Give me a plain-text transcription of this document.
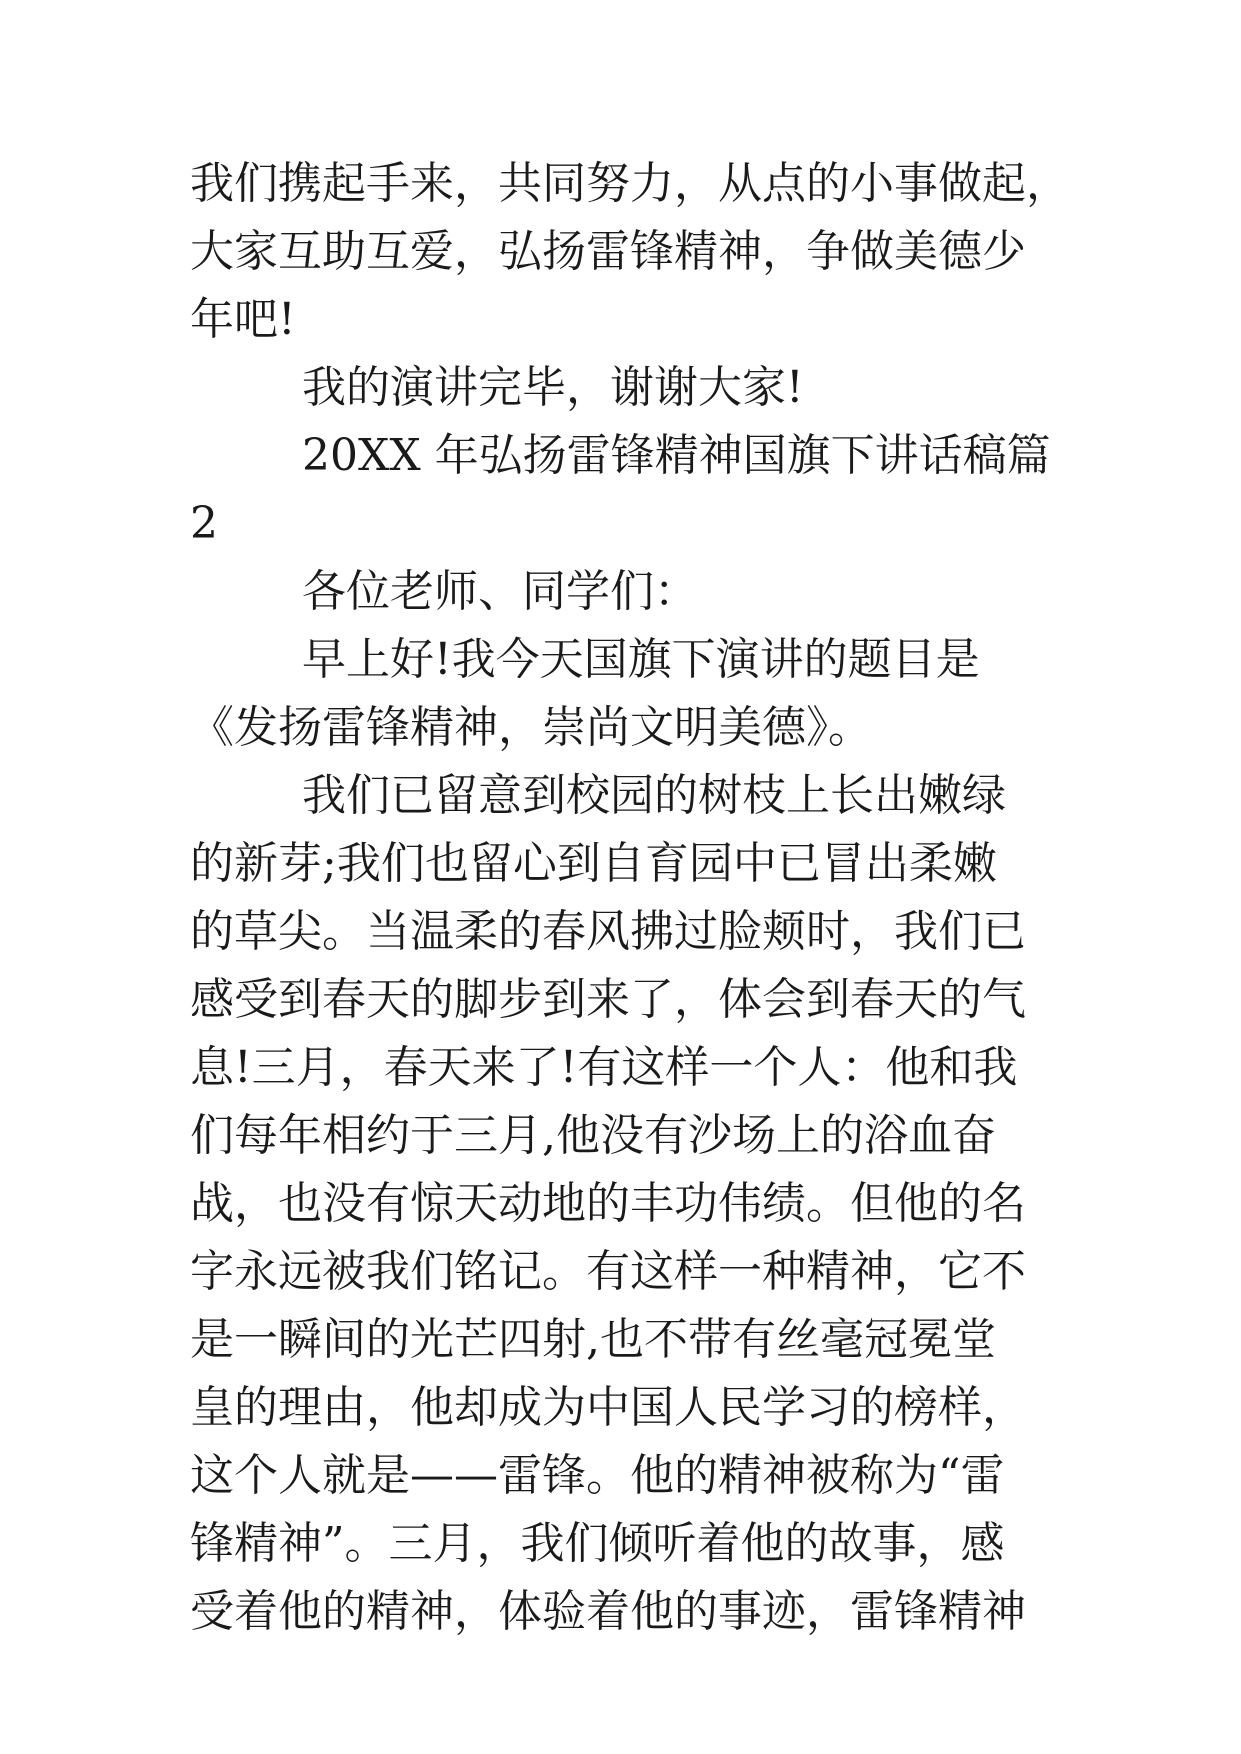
我们携起手来，共同努力，从点的小事做起，
大家互助互爱，弘扬雷锋精神，争做美德少
年吧!
我的演讲完毕，谢谢大家!
20XX 年弘扬雷锋精神国旗下讲话稿篇
2
各位老师、同学们：
早上好!我今天国旗下演讲的题目是
《发扬雷锋精神，崇尚文明美德》。
我们已留意到校园的树枝上长出嫩绿
的新芽;我们也留心到自育园中已冒出柔嫩
的草尖。当温柔的春风拂过脸颊时，我们已
感受到春天的脚步到来了，体会到春天的气
息!三月，春天来了!有这样一个人：他和我
们每年相约于三月,他没有沙场上的浴血奋
战，也没有惊天动地的丰功伟绩。但他的名
字永远被我们铭记。有这样一种精神，它不
是一瞬间的光芒四射,也不带有丝毫冠冕堂
皇的理由，他却成为中国人民学习的榜样，
这个人就是——雷锋。他的精神被称为“雷
锋精神”。三月，我们倾听着他的故事，感
受着他的精神，体验着他的事迹，雷锋精神
